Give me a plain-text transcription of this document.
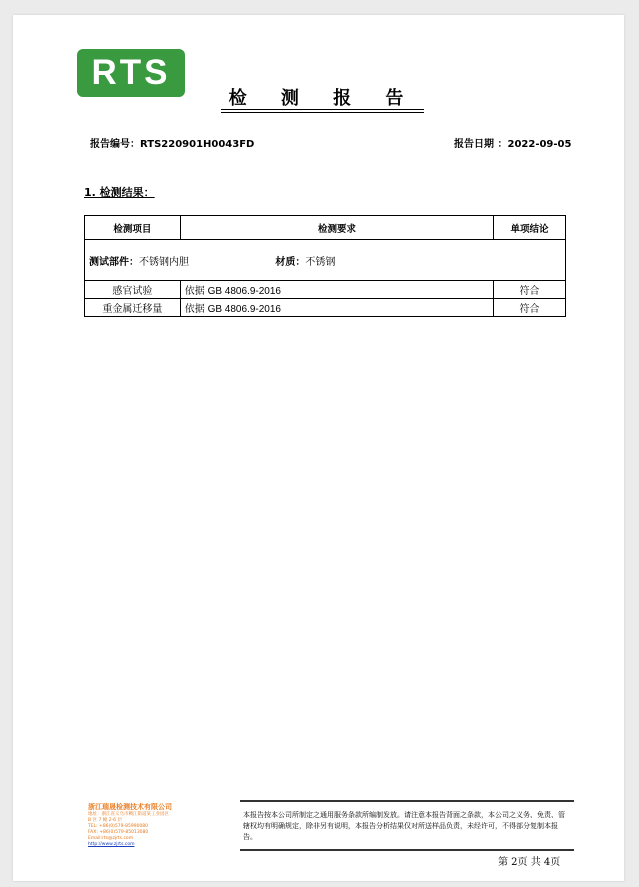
RTS
检 测 报 告
报告编号：RTS220901H0043FD	报告日期 ：2022-09-05
1. 检测结果：
检测项目	检测要求	单项结论
测试部件：不锈钢内胆 材质：不锈钢		
感官试验	依据 GB 4806.9-2016	符合
重金属迁移量	依据 GB 4806.9-2016	符合
浙江瑞晟检测技术有限公司
地址：浙江省义乌市稠江街道某工业园区
B 区 7 幢 2-6 层
TEL: +86(0)579-85990080
FAX: +86(0)579-85013080
Email:rts@zjrts.com
http://www.zjrts.com
本报告按本公司所制定之通用服务条款所编制发放。请注意本报告背面之条款，本公司之义务、免责、管辖权均有明确规定，除非另有说明，本报告分析结果仅对所送样品负责，未经许可，不得部分复制本报告。
第 2页 共 4页
